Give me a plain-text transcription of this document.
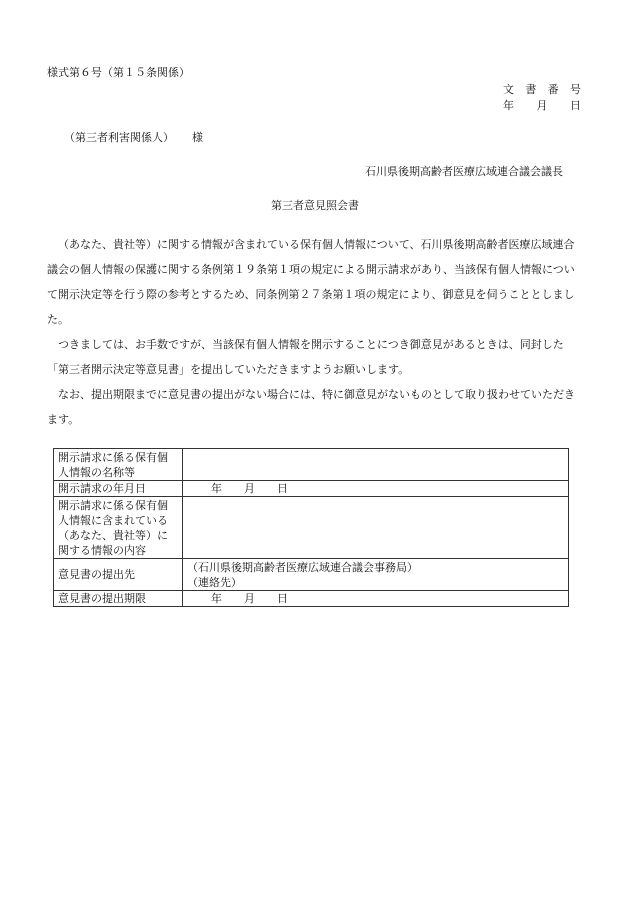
様式第６号（第１５条関係）
文　書　番　号
年　　月　　日
（第三者利害関係人） 様
石川県後期高齢者医療広域連合議会議長
第三者意見照会書

（あなた、貴社等）に関する情報が含まれている保有個人情報について、石川県後期高齢者医療広域連合議会の個人情報の保護に関する条例第１９条第１項の規定による開示請求があり、当該保有個人情報について開示決定等を行う際の参考とするため、同条例第２７条第１項の規定により、御意見を伺うこととしました。

つきましては、お手数ですが、当該保有個人情報を開示することにつき御意見があるときは、同封した「第三者開示決定等意見書」を提出していただきますようお願いします。

なお、提出期限までに意見書の提出がない場合には、特に御意見がないものとして取り扱わせていただきます。

開示請求に係る保有個
人情報の名称等	

開示請求の年月日	年　　月　　日

開示請求に係る保有個
人情報に含まれている
（あなた、貴社等）に
関する情報の内容	

意見書の提出先	（石川県後期高齢者医療広域連合議会事務局）
（連絡先）

意見書の提出期限	年　　月　　日
